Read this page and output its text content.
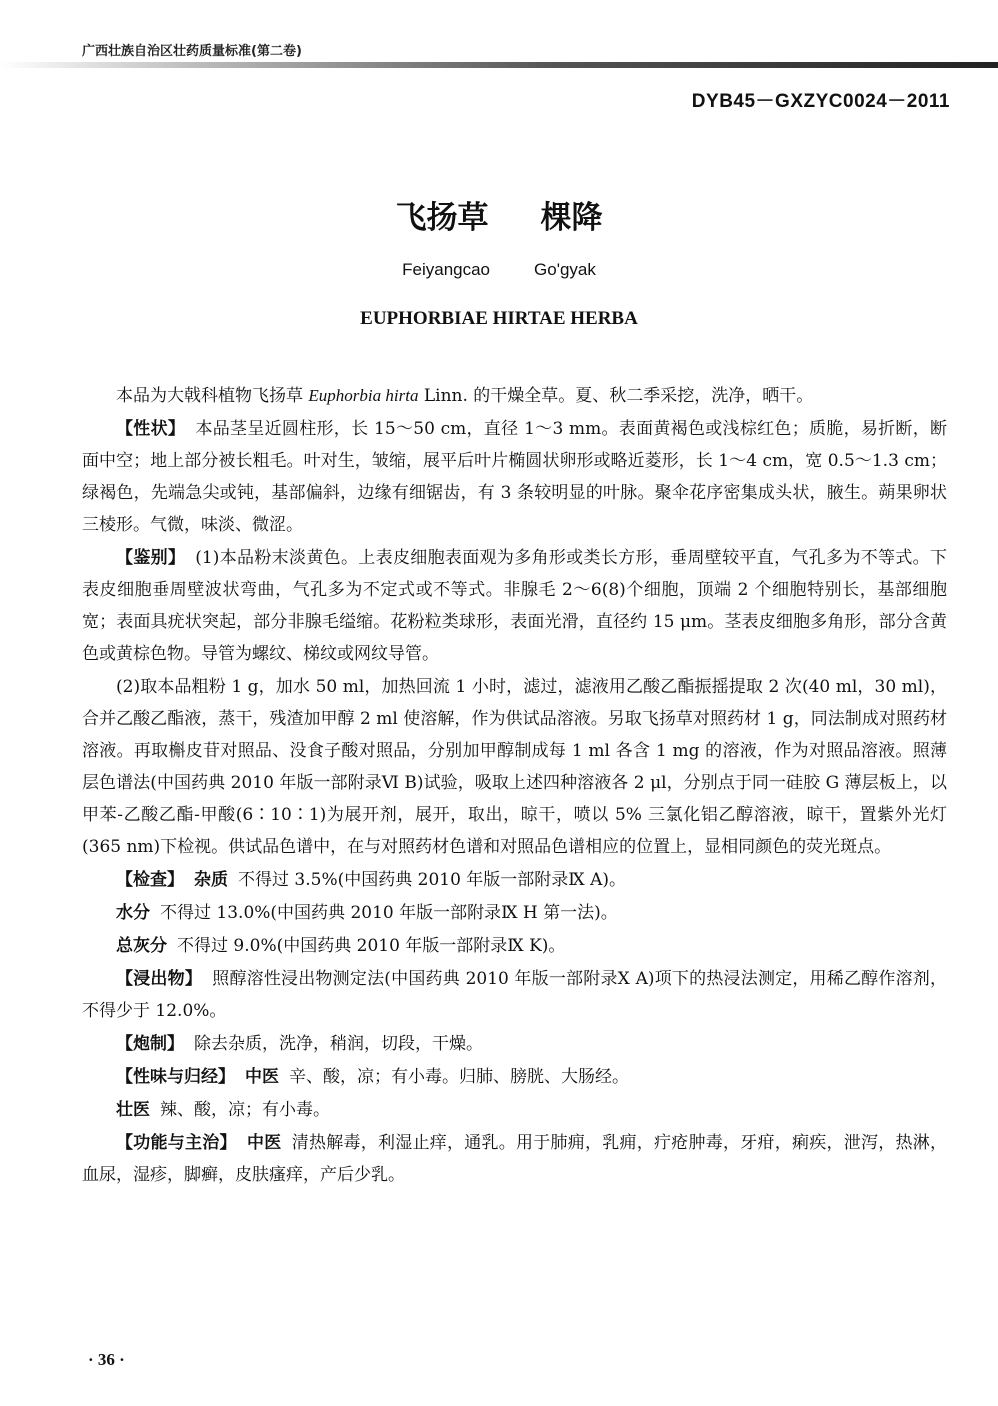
广西壮族自治区壮药质量标准(第二卷)
DYB45－GXZYC0024－2011
飞扬草 棵降
Feiyangcao	Go'gyak
EUPHORBIAE HIRTAE HERBA

本品为大戟科植物飞扬草 Euphorbia hirta Linn. 的干燥全草。夏、秋二季采挖，洗净，晒干。

【性状】 本品茎呈近圆柱形，长 15～50 cm，直径 1～3 mm。表面黄褐色或浅棕红色；质脆，易折断，断面中空；地上部分被长粗毛。叶对生，皱缩，展平后叶片椭圆状卵形或略近菱形，长 1～4 cm，宽 0.5～1.3 cm；绿褐色，先端急尖或钝，基部偏斜，边缘有细锯齿，有 3 条较明显的叶脉。聚伞花序密集成头状，腋生。蒴果卵状三棱形。气微，味淡、微涩。

【鉴别】 (1)本品粉末淡黄色。上表皮细胞表面观为多角形或类长方形，垂周壁较平直，气孔多为不等式。下表皮细胞垂周壁波状弯曲，气孔多为不定式或不等式。非腺毛 2～6(8)个细胞，顶端 2 个细胞特别长，基部细胞宽；表面具疣状突起，部分非腺毛缢缩。花粉粒类球形，表面光滑，直径约 15 μm。茎表皮细胞多角形，部分含黄色或黄棕色物。导管为螺纹、梯纹或网纹导管。

(2)取本品粗粉 1 g，加水 50 ml，加热回流 1 小时，滤过，滤液用乙酸乙酯振摇提取 2 次(40 ml，30 ml)，合并乙酸乙酯液，蒸干，残渣加甲醇 2 ml 使溶解，作为供试品溶液。另取飞扬草对照药材 1 g，同法制成对照药材溶液。再取槲皮苷对照品、没食子酸对照品，分别加甲醇制成每 1 ml 各含 1 mg 的溶液，作为对照品溶液。照薄层色谱法(中国药典 2010 年版一部附录Ⅵ B)试验，吸取上述四种溶液各 2 μl，分别点于同一硅胶 G 薄层板上，以甲苯-乙酸乙酯-甲酸(6∶10∶1)为展开剂，展开，取出，晾干，喷以 5% 三氯化铝乙醇溶液，晾干，置紫外光灯(365 nm)下检视。供试品色谱中，在与对照药材色谱和对照品色谱相应的位置上，显相同颜色的荧光斑点。

【检查】 杂质 不得过 3.5%(中国药典 2010 年版一部附录Ⅸ A)。

水分 不得过 13.0%(中国药典 2010 年版一部附录Ⅸ H 第一法)。

总灰分 不得过 9.0%(中国药典 2010 年版一部附录Ⅸ K)。

【浸出物】 照醇溶性浸出物测定法(中国药典 2010 年版一部附录Ⅹ A)项下的热浸法测定，用稀乙醇作溶剂，不得少于 12.0%。

【炮制】 除去杂质，洗净，稍润，切段，干燥。

【性味与归经】 中医 辛、酸，凉；有小毒。归肺、膀胱、大肠经。

壮医 辣、酸，凉；有小毒。

【功能与主治】 中医 清热解毒，利湿止痒，通乳。用于肺痈，乳痈，疔疮肿毒，牙疳，痢疾，泄泻，热淋，血尿，湿疹，脚癣，皮肤瘙痒，产后少乳。

· 36 ·
